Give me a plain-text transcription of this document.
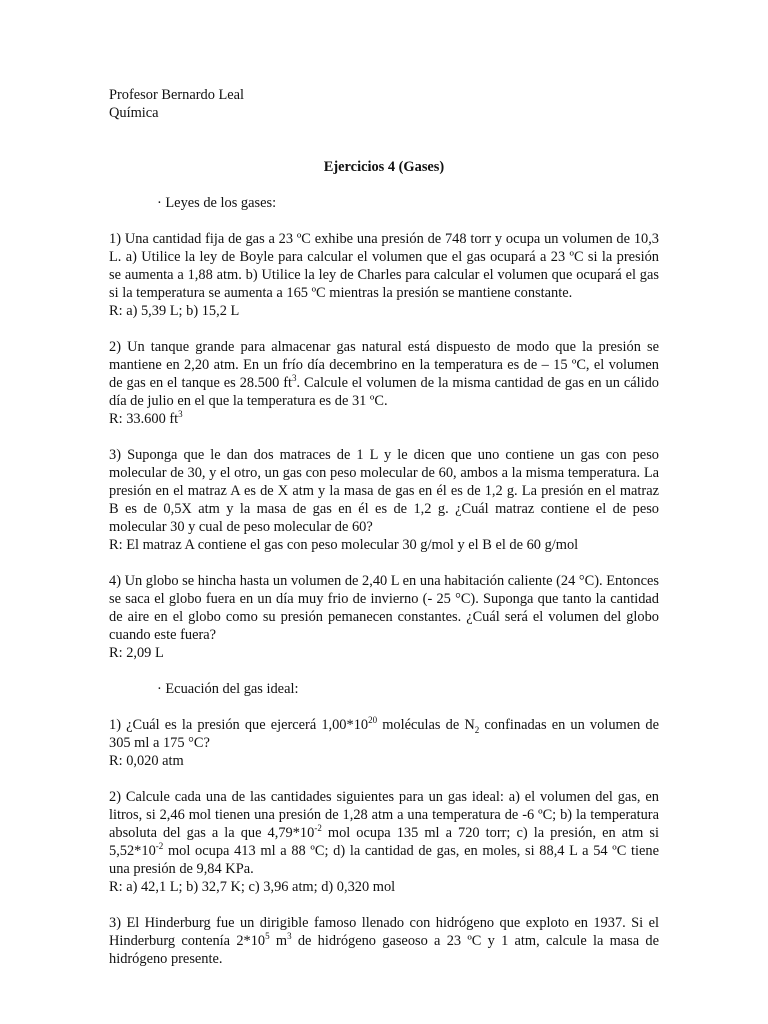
Profesor Bernardo Leal

Química

Ejercicios 4 (Gases)

· Leyes de los gases:

1) Una cantidad fija de gas a 23 ºC exhibe una presión de 748 torr y ocupa un volumen de 10,3 L. a) Utilice la ley de Boyle para calcular el volumen que el gas ocupará a 23 ºC si la presión se aumenta a 1,88 atm. b) Utilice la ley de Charles para calcular el volumen que ocupará el gas si la temperatura se aumenta a 165 ºC mientras la presión se mantiene constante.

R: a) 5,39 L; b) 15,2 L

2) Un tanque grande para almacenar gas natural está dispuesto de modo que la presión se mantiene en 2,20 atm. En un frío día decembrino en la temperatura es de – 15 ºC, el volumen de gas en el tanque es 28.500 $ft^3$. Calcule el volumen de la misma cantidad de gas en un cálido día de julio en el que la temperatura es de 31 ºC.

R: 33.600 $ft^3$

3) Suponga que le dan dos matraces de 1 L y le dicen que uno contiene un gas con peso molecular de 30, y el otro, un gas con peso molecular de 60, ambos a la misma temperatura. La presión en el matraz A es de X atm y la masa de gas en él es de 1,2 g. La presión en el matraz B es de 0,5X atm y la masa de gas en él es de 1,2 g. ¿Cuál matraz contiene el de peso molecular 30 y cual de peso molecular de 60?

R: El matraz A contiene el gas con peso molecular 30 g/mol y el B el de 60 g/mol

4) Un globo se hincha hasta un volumen de 2,40 L en una habitación caliente (24 °C). Entonces se saca el globo fuera en un día muy frio de invierno (- 25 °C). Suponga que tanto la cantidad de aire en el globo como su presión pemanecen constantes. ¿Cuál será el volumen del globo cuando este fuera?

R: 2,09 L

· Ecuación del gas ideal:

1) ¿Cuál es la presión que ejercerá $1,00*10^{20}$ moléculas de $N_2$ confinadas en un volumen de 305 ml a 175 °C?

R: 0,020 atm

2) Calcule cada una de las cantidades siguientes para un gas ideal: a) el volumen del gas, en litros, si 2,46 mol tienen una presión de 1,28 atm a una temperatura de -6 ºC; b) la temperatura absoluta del gas a la que $4,79*10^{-2}$ mol ocupa 135 ml a 720 torr; c) la presión, en atm si $5,52*10^{-2}$ mol ocupa 413 ml a 88 ºC; d) la cantidad de gas, en moles, si 88,4 L a 54 ºC tiene una presión de 9,84 KPa.

R: a) 42,1 L; b) 32,7 K; c) 3,96 atm; d) 0,320 mol

3) El Hinderburg fue un dirigible famoso llenado con hidrógeno que exploto en 1937. Si el Hinderburg contenía $2*10^5$ $m^3$ de hidrógeno gaseoso a 23 ºC y 1 atm, calcule la masa de hidrógeno presente.
